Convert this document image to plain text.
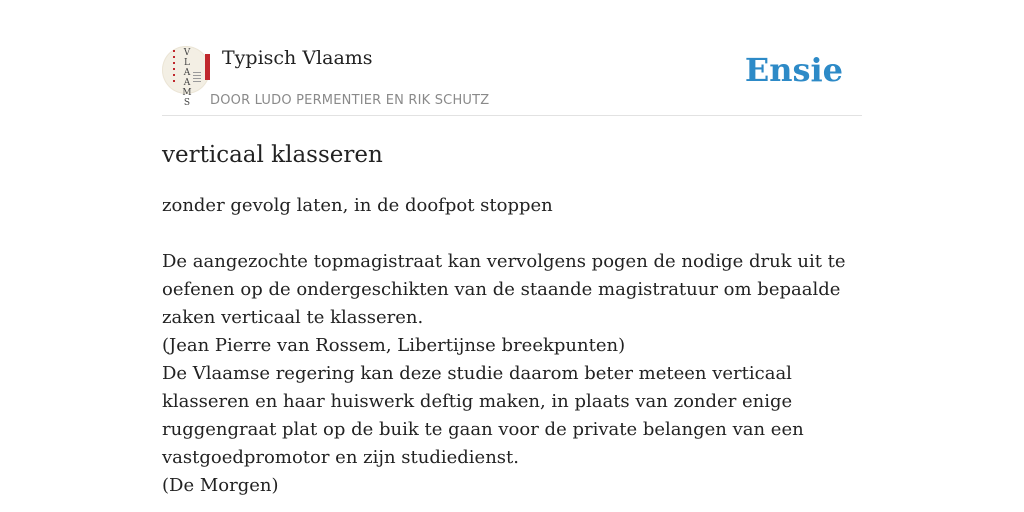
V
L
A
A
M
S
Typisch Vlaams
DOOR LUDO PERMENTIER EN RIK SCHUTZ
Ensie
verticaal klasseren

zonder gevolg laten, in de doofpot stoppen

De aangezochte topmagistraat kan vervolgens pogen de nodige druk uit te oefenen op de ondergeschikten van de staande magistratuur om bepaalde zaken verticaal te klasseren.

(Jean Pierre van Rossem, Libertijnse breekpunten)

De Vlaamse regering kan deze studie daarom beter meteen verticaal klasseren en haar huiswerk deftig maken, in plaats van zonder enige ruggengraat plat op de buik te gaan voor de private belangen van een vastgoedpromotor en zijn studiedienst.

(De Morgen)
